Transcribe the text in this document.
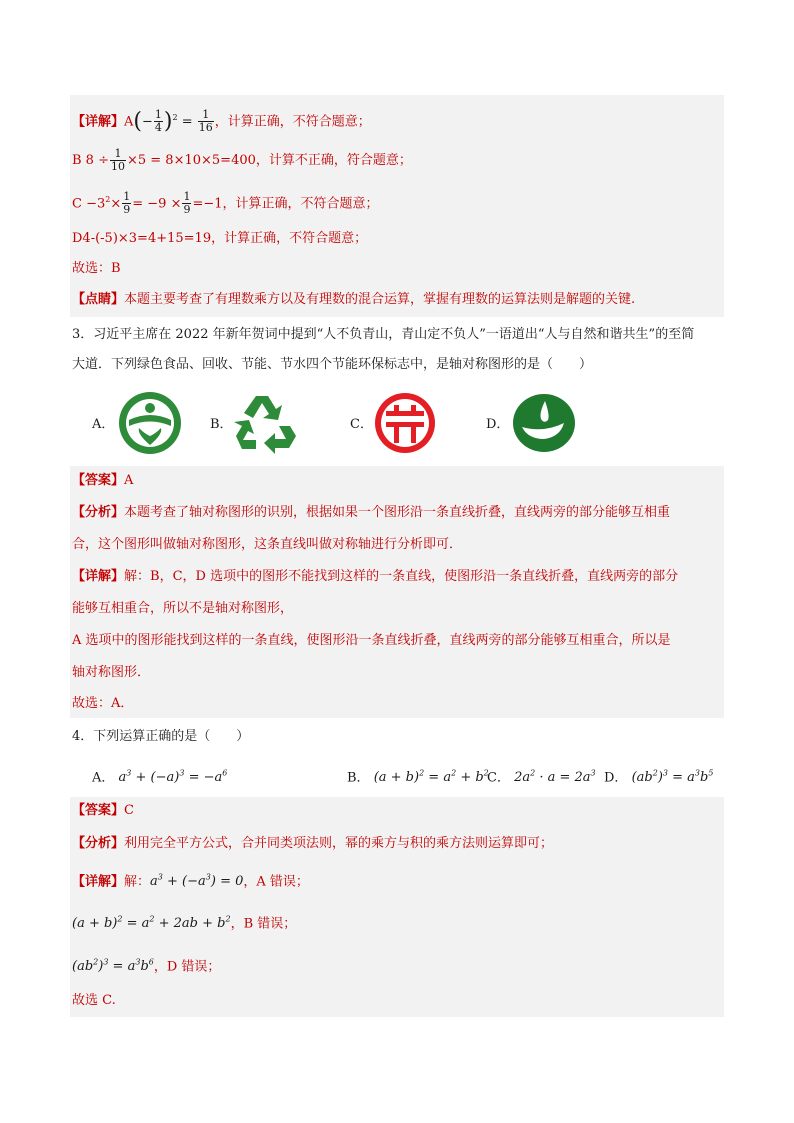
【详解】$A(- \frac{1}{4} )^2 = \frac{1}{16}$ ，计算正确，不符合题意；
B $8 \div \frac{1}{10} \times 5 = 8\times 10\times 5=400$，计算不正确，符合题意；
$C -3^2\times \frac{1}{9} = -9 \times \frac{1}{9} =-1$，计算正确，不符合题意；
D4-(-5)×3=4+15=19，计算正确，不符合题意；
故选：B
【点睛】本题主要考查了有理数乘方以及有理数的混合运算，掌握有理数的运算法则是解题的关键.
3．习近平主席在 2022 年新年贺词中提到“人不负青山，青山定不负人”一语道出“人与自然和谐共生”的至简
大道．下列绿色食品、回收、节能、节水四个节能环保标志中，是轴对称图形的是（　　）
A．	B．	C．	D．
【答案】A
【分析】本题考查了轴对称图形的识别，根据如果一个图形沿一条直线折叠，直线两旁的部分能够互相重
合，这个图形叫做轴对称图形，这条直线叫做对称轴进行分析即可．
【详解】解：B，C，D 选项中的图形不能找到这样的一条直线，使图形沿一条直线折叠，直线两旁的部分
能够互相重合，所以不是轴对称图形，
A 选项中的图形能找到这样的一条直线，使图形沿一条直线折叠，直线两旁的部分能够互相重合，所以是
轴对称图形．
故选：A．
4．下列运算正确的是（　　）
A． $a^3 + (-a)^3 = -a^6$	B． $(a + b)^2 = a^2 + b^2$
C． $2a^2 \cdot a = 2a^3$ D． $(ab^2)^3 = a^3b^5$
【答案】C
【分析】利用完全平方公式，合并同类项法则，幂的乘方与积的乘方法则运算即可；
【详解】解：$a^3 + (-a^3) = 0$，A 错误；
$(a + b)^2 = a^2 + 2ab + b^2$，B 错误；
$(ab^2)^3 = a^3b^6$，D 错误；
故选 C.
